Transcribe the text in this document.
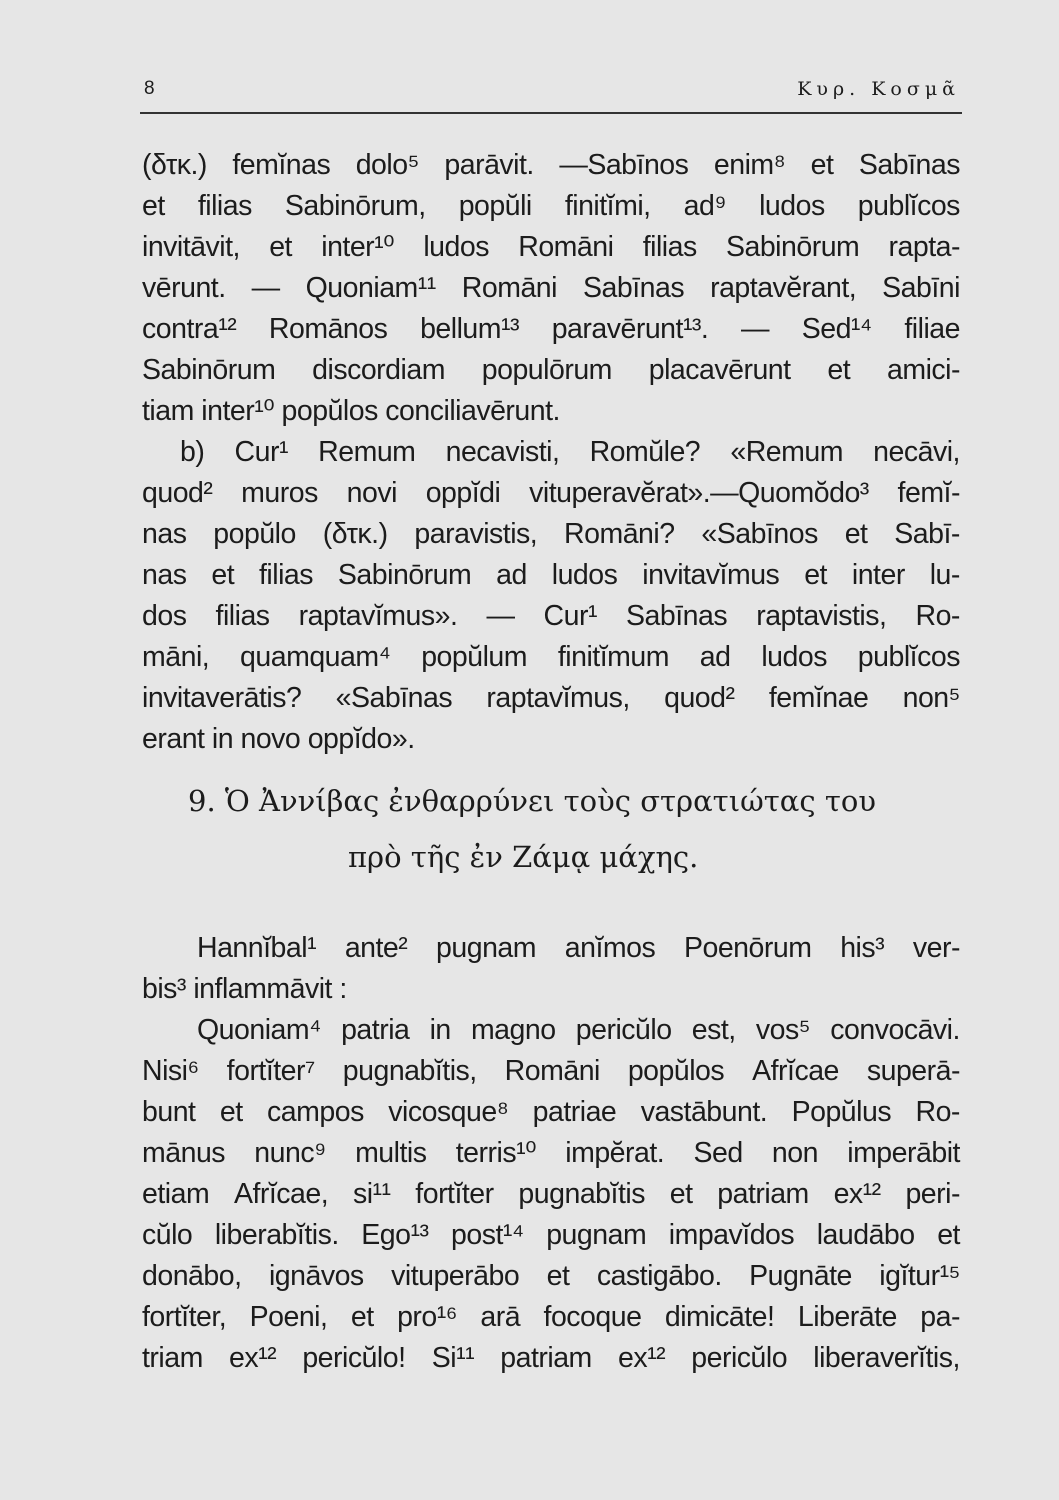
8	Κυρ. Κοσμᾶ

(δτκ.) femĭnas dolo⁵ parāvit. —Sabīnos enim⁸ et Sabīnas

et filias Sabinōrum, popŭli finitĭmi, ad⁹ ludos publĭcos

invitāvit, et inter¹⁰ ludos Romāni filias Sabinōrum rapta-

vērunt. — Quoniam¹¹ Romāni Sabīnas raptavĕrant, Sabīni

contra¹² Romānos bellum¹³ paravērunt¹³. — Sed¹⁴ filiae

Sabinōrum discordiam populōrum placavērunt et amici-

tiam inter¹⁰ popŭlos conciliavērunt.

b) Cur¹ Remum necavisti, Romŭle? «Remum necāvi,

quod² muros novi oppĭdi vituperavĕrat».—Quomŏdo³ femĭ-

nas popŭlo (δτκ.) paravistis, Romāni? «Sabīnos et Sabī-

nas et filias Sabinōrum ad ludos invitavĭmus et inter lu-

dos filias raptavĭmus». — Cur¹ Sabīnas raptavistis, Ro-

māni, quamquam⁴ popŭlum finitĭmum ad ludos publĭcos

invitaverātis? «Sabīnas raptavĭmus, quod² femĭnae non⁵

erant in novo oppĭdo».

9. Ὁ Ἀννίβας ἐνθαρρύνει τοὺς στρατιώτας του

πρὸ τῆς ἐν Ζάμᾳ μάχης.

Hannĭbal¹ ante² pugnam anĭmos Poenōrum his³ ver-

bis³ inflammāvit :

Quoniam⁴ patria in magno pericŭlo est, vos⁵ convocāvi.

Nisi⁶ fortĭter⁷ pugnabĭtis, Romāni popŭlos Afrĭcae superā-

bunt et campos vicosque⁸ patriae vastābunt. Popŭlus Ro-

mānus nunc⁹ multis terris¹⁰ impĕrat. Sed non imperābit

etiam Afrĭcae, si¹¹ fortĭter pugnabĭtis et patriam ex¹² peri-

cŭlo liberabĭtis. Ego¹³ post¹⁴ pugnam impavĭdos laudābo et

donābo, ignāvos vituperābo et castigābo. Pugnāte igĭtur¹⁵

fortĭter, Poeni, et pro¹⁶ arā focoque dimicāte! Liberāte pa-

triam ex¹² pericŭlo! Si¹¹ patriam ex¹² pericŭlo liberaverĭtis,
